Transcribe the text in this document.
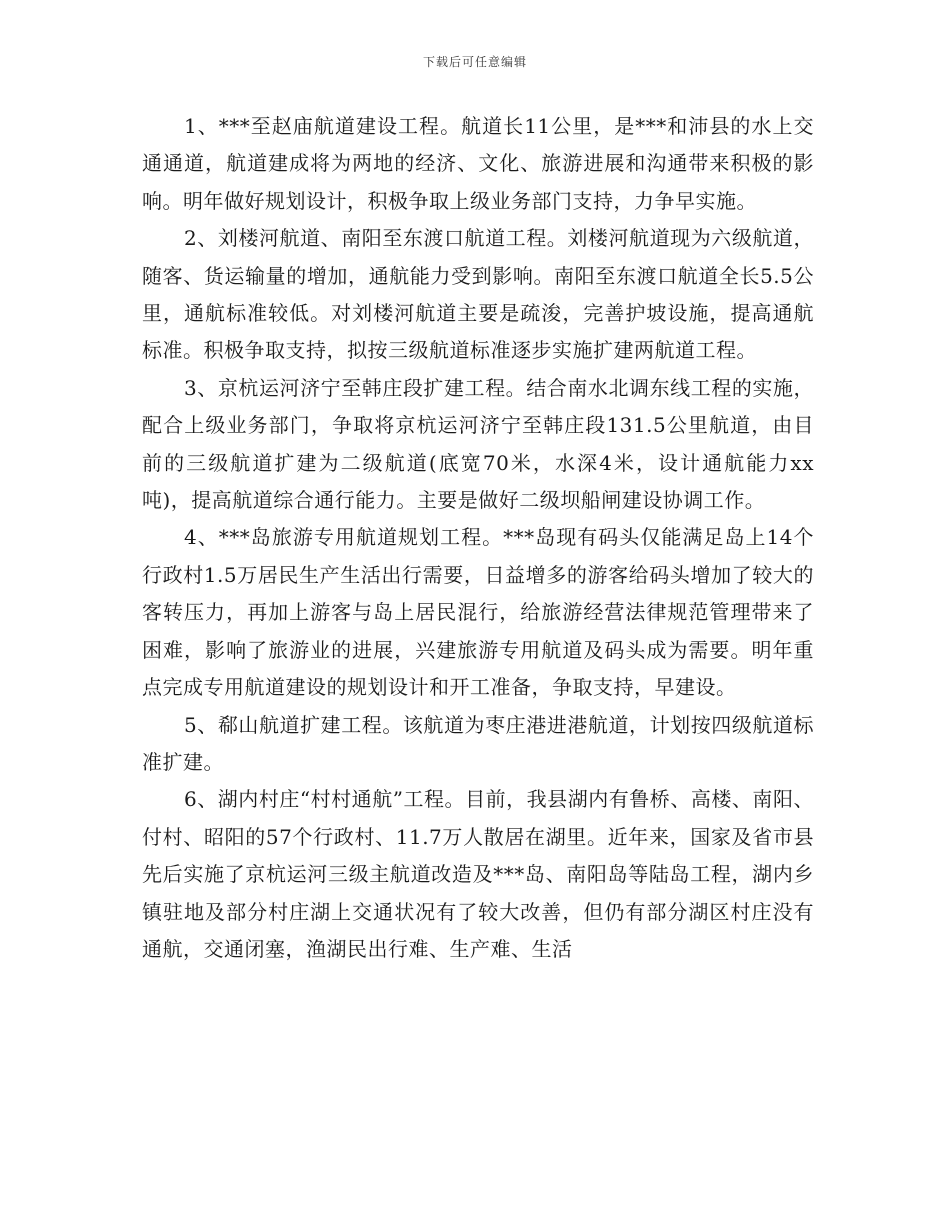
下载后可任意编辑

1、***至赵庙航道建设工程。航道长11公里，是***和沛县的水上交通通道，航道建成将为两地的经济、文化、旅游进展和沟通带来积极的影响。明年做好规划设计，积极争取上级业务部门支持，力争早实施。

2、刘楼河航道、南阳至东渡口航道工程。刘楼河航道现为六级航道，随客、货运输量的增加，通航能力受到影响。南阳至东渡口航道全长5.5公里，通航标准较低。对刘楼河航道主要是疏浚，完善护坡设施，提高通航标准。积极争取支持，拟按三级航道标准逐步实施扩建两航道工程。

3、京杭运河济宁至韩庄段扩建工程。结合南水北调东线工程的实施，配合上级业务部门，争取将京杭运河济宁至韩庄段131.5公里航道，由目前的三级航道扩建为二级航道(底宽70米，水深4米，设计通航能力xx吨)，提高航道综合通行能力。主要是做好二级坝船闸建设协调工作。

4、***岛旅游专用航道规划工程。***岛现有码头仅能满足岛上14个行政村1.5万居民生产生活出行需要，日益增多的游客给码头增加了较大的客转压力，再加上游客与岛上居民混行，给旅游经营法律规范管理带来了困难，影响了旅游业的进展，兴建旅游专用航道及码头成为需要。明年重点完成专用航道建设的规划设计和开工准备，争取支持，早建设。

5、郗山航道扩建工程。该航道为枣庄港进港航道，计划按四级航道标准扩建。

6、湖内村庄“村村通航”工程。目前，我县湖内有鲁桥、高楼、南阳、付村、昭阳的57个行政村、11.7万人散居在湖里。近年来，国家及省市县先后实施了京杭运河三级主航道改造及***岛、南阳岛等陆岛工程，湖内乡镇驻地及部分村庄湖上交通状况有了较大改善，但仍有部分湖区村庄没有通航，交通闭塞，渔湖民出行难、生产难、生活
